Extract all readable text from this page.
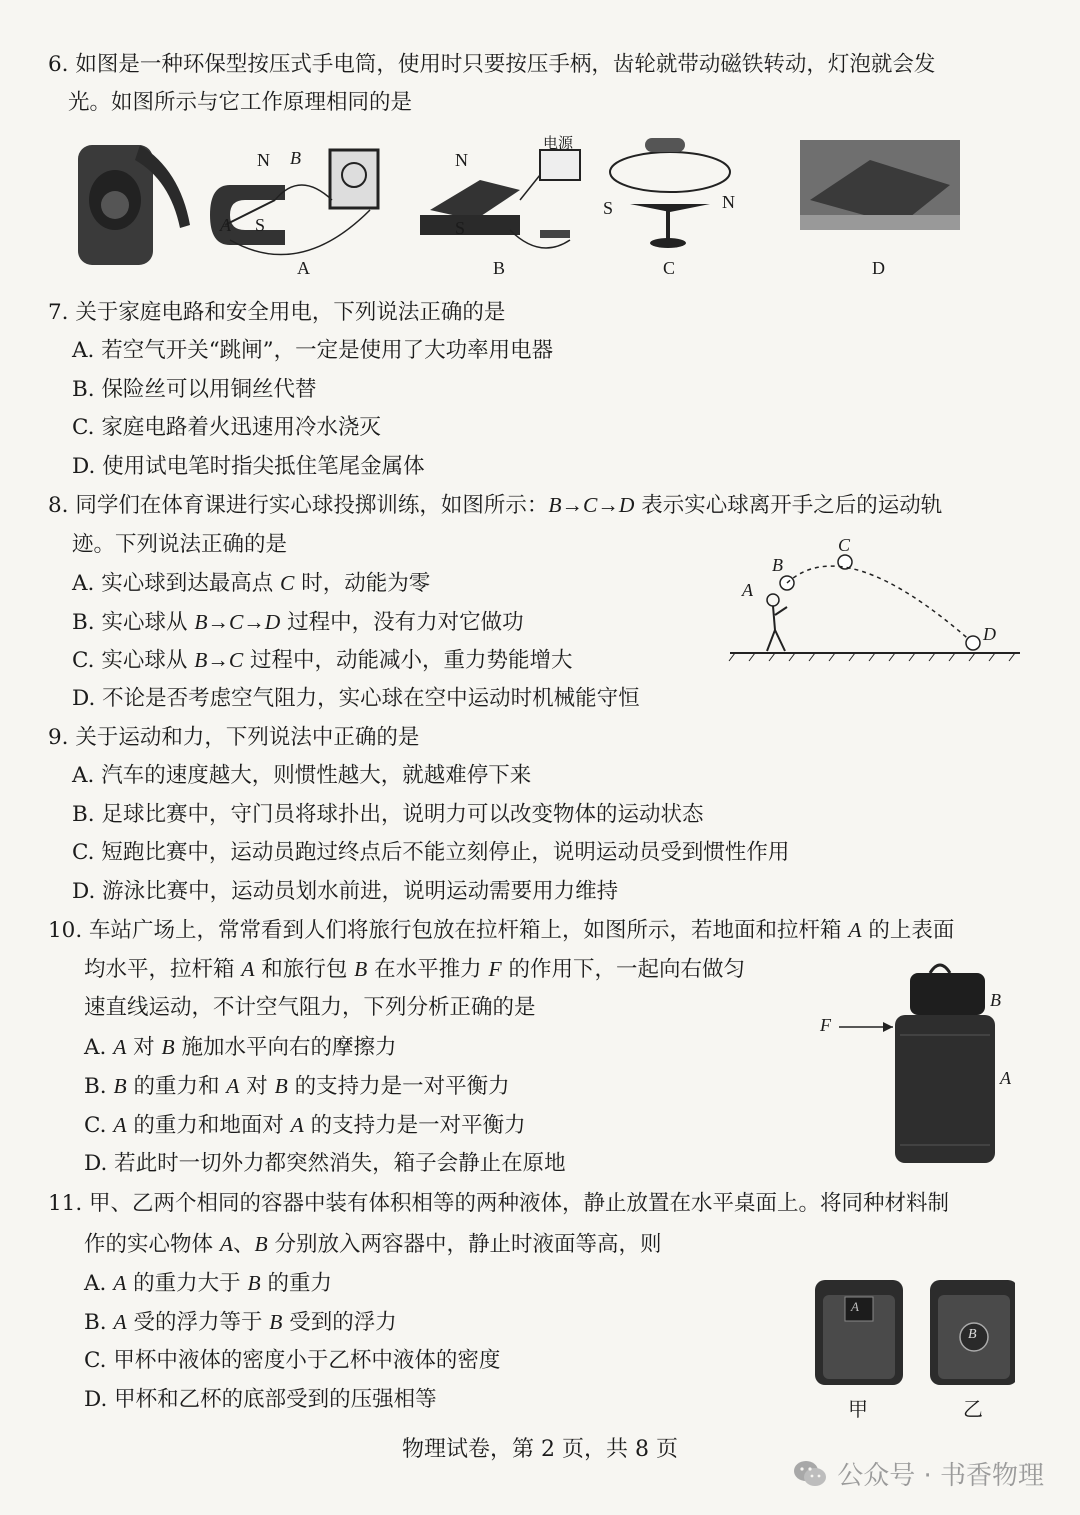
6. 如图是一种环保型按压式手电筒，使用时只要按压手柄，齿轮就带动磁铁转动，灯泡就会发
光。如图所示与它工作原理相同的是
N B
A S
A
N
S
电源
B
S	N
C	D
7. 关于家庭电路和安全用电，下列说法正确的是
A. 若空气开关“跳闸”，一定是使用了大功率用电器
B. 保险丝可以用铜丝代替
C. 家庭电路着火迅速用冷水浇灭
D. 使用试电笔时指尖抵住笔尾金属体
8. 同学们在体育课进行实心球投掷训练，如图所示：B→C→D 表示实心球离开手之后的运动轨
迹。下列说法正确的是
A. 实心球到达最高点 C 时，动能为零
B. 实心球从 B→C→D 过程中，没有力对它做功
C. 实心球从 B→C 过程中，动能减小，重力势能增大
D. 不论是否考虑空气阻力，实心球在空中运动时机械能守恒
A
B
C
D
9. 关于运动和力，下列说法中正确的是
A. 汽车的速度越大，则惯性越大，就越难停下来
B. 足球比赛中，守门员将球扑出，说明力可以改变物体的运动状态
C. 短跑比赛中，运动员跑过终点后不能立刻停止，说明运动员受到惯性作用
D. 游泳比赛中，运动员划水前进，说明运动需要用力维持
10. 车站广场上，常常看到人们将旅行包放在拉杆箱上，如图所示，若地面和拉杆箱 A 的上表面
均水平，拉杆箱 A 和旅行包 B 在水平推力 F 的作用下，一起向右做匀
速直线运动，不计空气阻力，下列分析正确的是
A. A 对 B 施加水平向右的摩擦力
B. B 的重力和 A 对 B 的支持力是一对平衡力
C. A 的重力和地面对 A 的支持力是一对平衡力
D. 若此时一切外力都突然消失，箱子会静止在原地
F
B
A
11. 甲、乙两个相同的容器中装有体积相等的两种液体，静止放置在水平桌面上。将同种材料制
作的实心物体 A、B 分别放入两容器中，静止时液面等高，则
A. A 的重力大于 B 的重力
B. A 受的浮力等于 B 受到的浮力
C. 甲杯中液体的密度小于乙杯中液体的密度
D. 甲杯和乙杯的底部受到的压强相等
A
B
甲	乙
物理试卷，第 2 页，共 8 页
公众号 · 书香物理
